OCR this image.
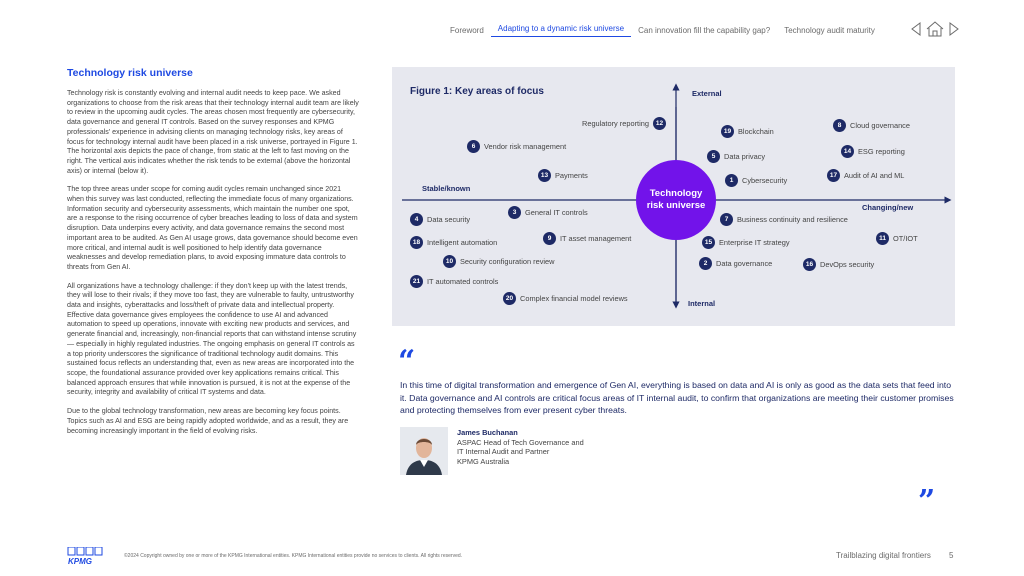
Foreword	Adapting to a dynamic risk universe	Can innovation fill the capability gap?	Technology audit maturity
Technology risk universe

Technology risk is constantly evolving and internal audit needs to keep pace. We asked organizations to choose from the risk areas that their technology internal audit team are likely to review in the upcoming audit cycles. The areas chosen most frequently are cybersecurity, data governance and general IT controls. Based on the survey responses and KPMG professionals' experience in advising clients on managing technology risks, key areas of focus for technology internal audit have been placed in a risk universe, portrayed in Figure 1. The horizontal axis depicts the pace of change, from static at the left to fast moving on the right. The vertical axis indicates whether the risk tends to be external (above the horizontal axis) or internal (below it).

The top three areas under scope for coming audit cycles remain unchanged since 2021 when this survey was last conducted, reflecting the immediate focus of many organizations. Information security and cybersecurity assessments, which maintain the number one spot, are a response to the rising occurrence of cyber breaches leading to loss of data and system disruption. Data underpins every activity, and data governance remains the second most important area to be audited. As Gen AI usage grows, data governance should become even more critical, and internal audit is well positioned to help identify data governance weaknesses and develop remediation plans, to avoid exposing immature data controls to threats from Gen AI.

All organizations have a technology challenge: if they don't keep up with the latest trends, they will lose to their rivals; if they move too fast, they are vulnerable to faulty, untrustworthy data and insights, cyberattacks and loss/theft of private data and intellectual property. Effective data governance gives employees the confidence to use AI and advanced automation to speed up operations, innovate with exciting new products and services, and generate financial and, increasingly, non-financial reports that can withstand intense scrutiny — especially in highly regulated industries. The ongoing emphasis on general IT controls as a top priority underscores the significance of traditional technology audit domains. This sustained focus reflects an understanding that, even as new areas are incorporated into the scope, the foundational assurance provided over key applications remains critical. This balanced approach ensures that while innovation is pursued, it is not at the expense of the security, integrity and availability of critical IT systems and data.

Due to the global technology transformation, new areas are becoming key focus points. Topics such as AI and ESG are being rapidly adopted worldwide, and as a result, they are becoming increasingly important in the field of evolving risks.

Figure 1: Key areas of focus	External
Internal
Stable/known
Changing/new
Technology
risk universe
Regulatory reporting	12
19 Blockchain
8	Cloud governance
6	Vendor risk management
5	Data privacy
14 ESG reporting
13 Payments
1	Cybersecurity
17 Audit of AI and ML
4	Data security
3	General IT controls
7	Business continuity and resilience
18 Intelligent automation	9	IT asset management	15 Enterprise IT strategy	11 OT/IOT
10 Security configuration review	2	Data governance	16 DevOps security
21 IT automated controls
20 Complex financial model reviews
“

In this time of digital transformation and emergence of Gen AI, everything is based on data and AI is only as good as the data sets that feed into it. Data governance and AI controls are critical focus areas of IT internal audit, to confirm that organizations are meeting their customer promises and protecting themselves from ever present cyber threats.

James Buchanan
ASPAC Head of Tech Governance and
IT Internal Audit and Partner
KPMG Australia
”
KPMG
©2024 Copyright owned by one or more of the KPMG International entities. KPMG International entities provide no services to clients. All rights reserved.	Trailblazing digital frontiers 5
